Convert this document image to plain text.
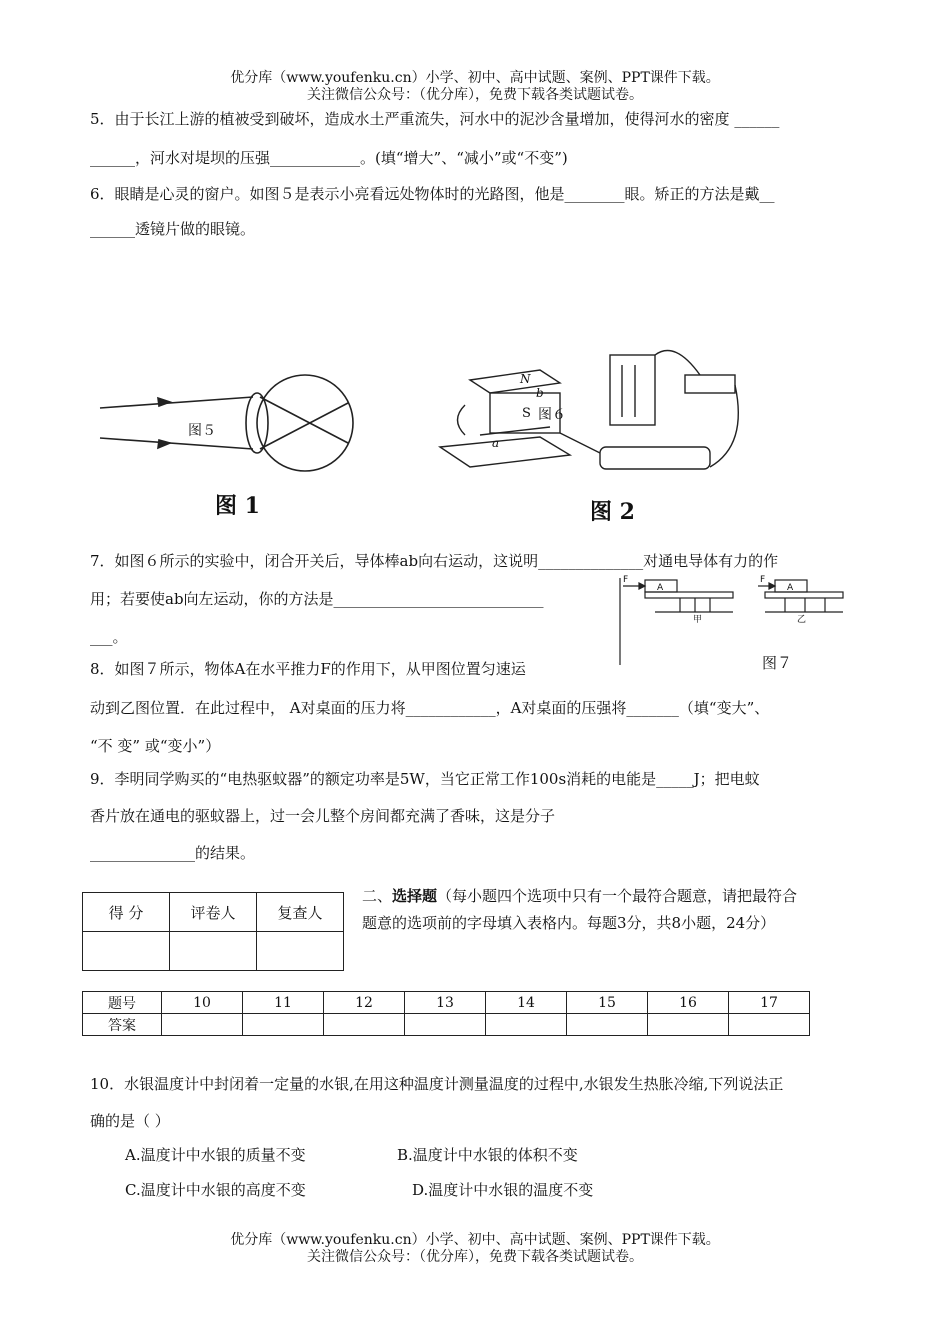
优分库（www.youfenku.cn）小学、初中、高中试题、案例、PPT课件下载。
关注微信公众号：（优分库），免费下载各类试题试卷。
5．由于长江上游的植被受到破坏，造成水土严重流失，河水中的泥沙含量增加，使得河水的密度 ______
______，河水对堤坝的压强____________。(填“增大”、“减小”或“不变”)
6．眼睛是心灵的窗户。如图５是表示小亮看远处物体时的光路图，他是________眼。矫正的方法是戴__
______透镜片做的眼镜。
图５
图 1
N
S
b
a
图６
图 2
7．如图６所示的实验中，闭合开关后，导体棒ab向右运动，这说明______________对通电导体有力的作
用；若要使ab向左运动，你的方法是____________________________
___。
F
A
甲
F
A
乙
图７
8．如图７所示，物体A在水平推力F的作用下，从甲图位置匀速运
动到乙图位置．在此过程中， A对桌面的压力将____________，A对桌面的压强将_______（填“变大”、
“不 变” 或“变小”）
9．李明同学购买的“电热驱蚊器”的额定功率是5W，当它正常工作100s消耗的电能是_____J；把电蚊
香片放在通电的驱蚊器上，过一会儿整个房间都充满了香味，这是分子
______________的结果。
得 分	评卷人	复查人

二、选择题（每小题四个选项中只有一个最符合题意，请把最符合
题意的选项前的字母填入表格内。每题3分，共8小题，24分）
题号	10	11	12	13	14	15	16	17
答案								
10．水银温度计中封闭着一定量的水银,在用这种温度计测量温度的过程中,水银发生热胀冷缩,下列说法正
确的是（ ）
A.温度计中水银的质量不变	B.温度计中水银的体积不变
C.温度计中水银的高度不变	D.温度计中水银的温度不变
优分库（www.youfenku.cn）小学、初中、高中试题、案例、PPT课件下载。
关注微信公众号：（优分库），免费下载各类试题试卷。
